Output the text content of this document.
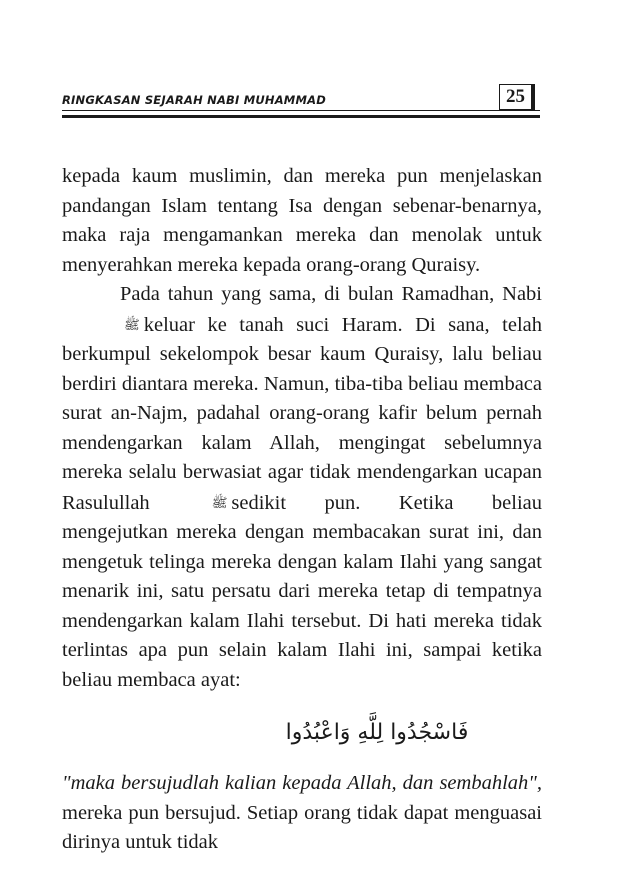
RINGKASAN SEJARAH NABI MUHAMMAD	25

kepada kaum muslimin, dan mereka pun menjelaskan pandangan Islam tentang Isa dengan sebenar-benarnya, maka raja mengamankan mereka dan menolak untuk menyerahkan mereka kepada orang-orang Quraisy.

Pada tahun yang sama, di bulan Ramadhan, Nabiﷺ keluar ke tanah suci Haram. Di sana, telah berkumpul sekelompok besar kaum Quraisy, lalu beliau berdiri diantara mereka. Namun, tiba-tiba beliau membaca surat an-Najm, padahal orang-orang kafir belum pernah mendengarkan kalam Allah, mengingat sebelumnya mereka selalu berwasiat agar tidak mendengarkan ucapan Rasulullah	ﷺ sedikit pun. Ketika beliau mengejutkan mereka dengan membacakan surat ini, dan mengetuk telinga mereka dengan kalam Ilahi yang sangat menarik ini, satu persatu dari mereka tetap di tempatnya mendengarkan kalam Ilahi tersebut. Di hati mereka tidak terlintas apa pun selain kalam Ilahi ini, sampai ketika beliau membaca ayat:

فَاسْجُدُوا لِلَّهِ وَاعْبُدُوا

"maka bersujudlah kalian kepada Allah, dan sembahlah", mereka pun bersujud. Setiap orang tidak dapat menguasai dirinya untuk tidak
